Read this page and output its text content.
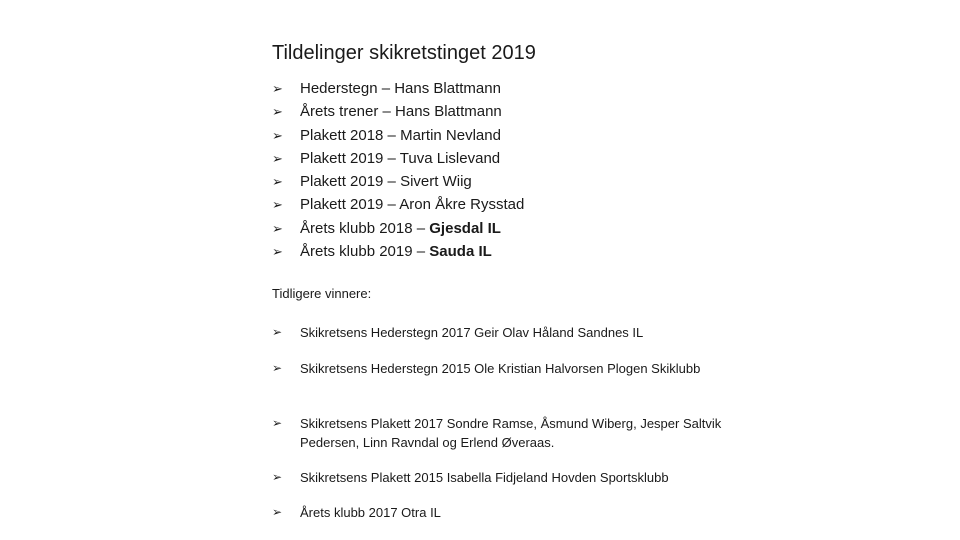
Tildelinger skikretstinget 2019
➢ Hederstegn – Hans Blattmann
➢ Årets trener – Hans Blattmann
➢ Plakett 2018 – Martin Nevland
➢ Plakett 2019 – Tuva Lislevand
➢ Plakett 2019 – Sivert Wiig
➢ Plakett 2019 – Aron Åkre Rysstad
➢ Årets klubb 2018 – Gjesdal IL
➢ Årets klubb 2019 – Sauda IL
Tidligere vinnere:
➢	Skikretsens Hederstegn 2017 Geir Olav Håland Sandnes IL
➢	Skikretsens Hederstegn 2015 Ole Kristian Halvorsen Plogen Skiklubb
➢	Skikretsens Plakett 2017 Sondre Ramse, Åsmund Wiberg, Jesper Saltvik Pedersen, Linn Ravndal og Erlend Øveraas.
➢	Skikretsens Plakett 2015 Isabella Fidjeland Hovden Sportsklubb
➢	Årets klubb 2017 Otra IL
